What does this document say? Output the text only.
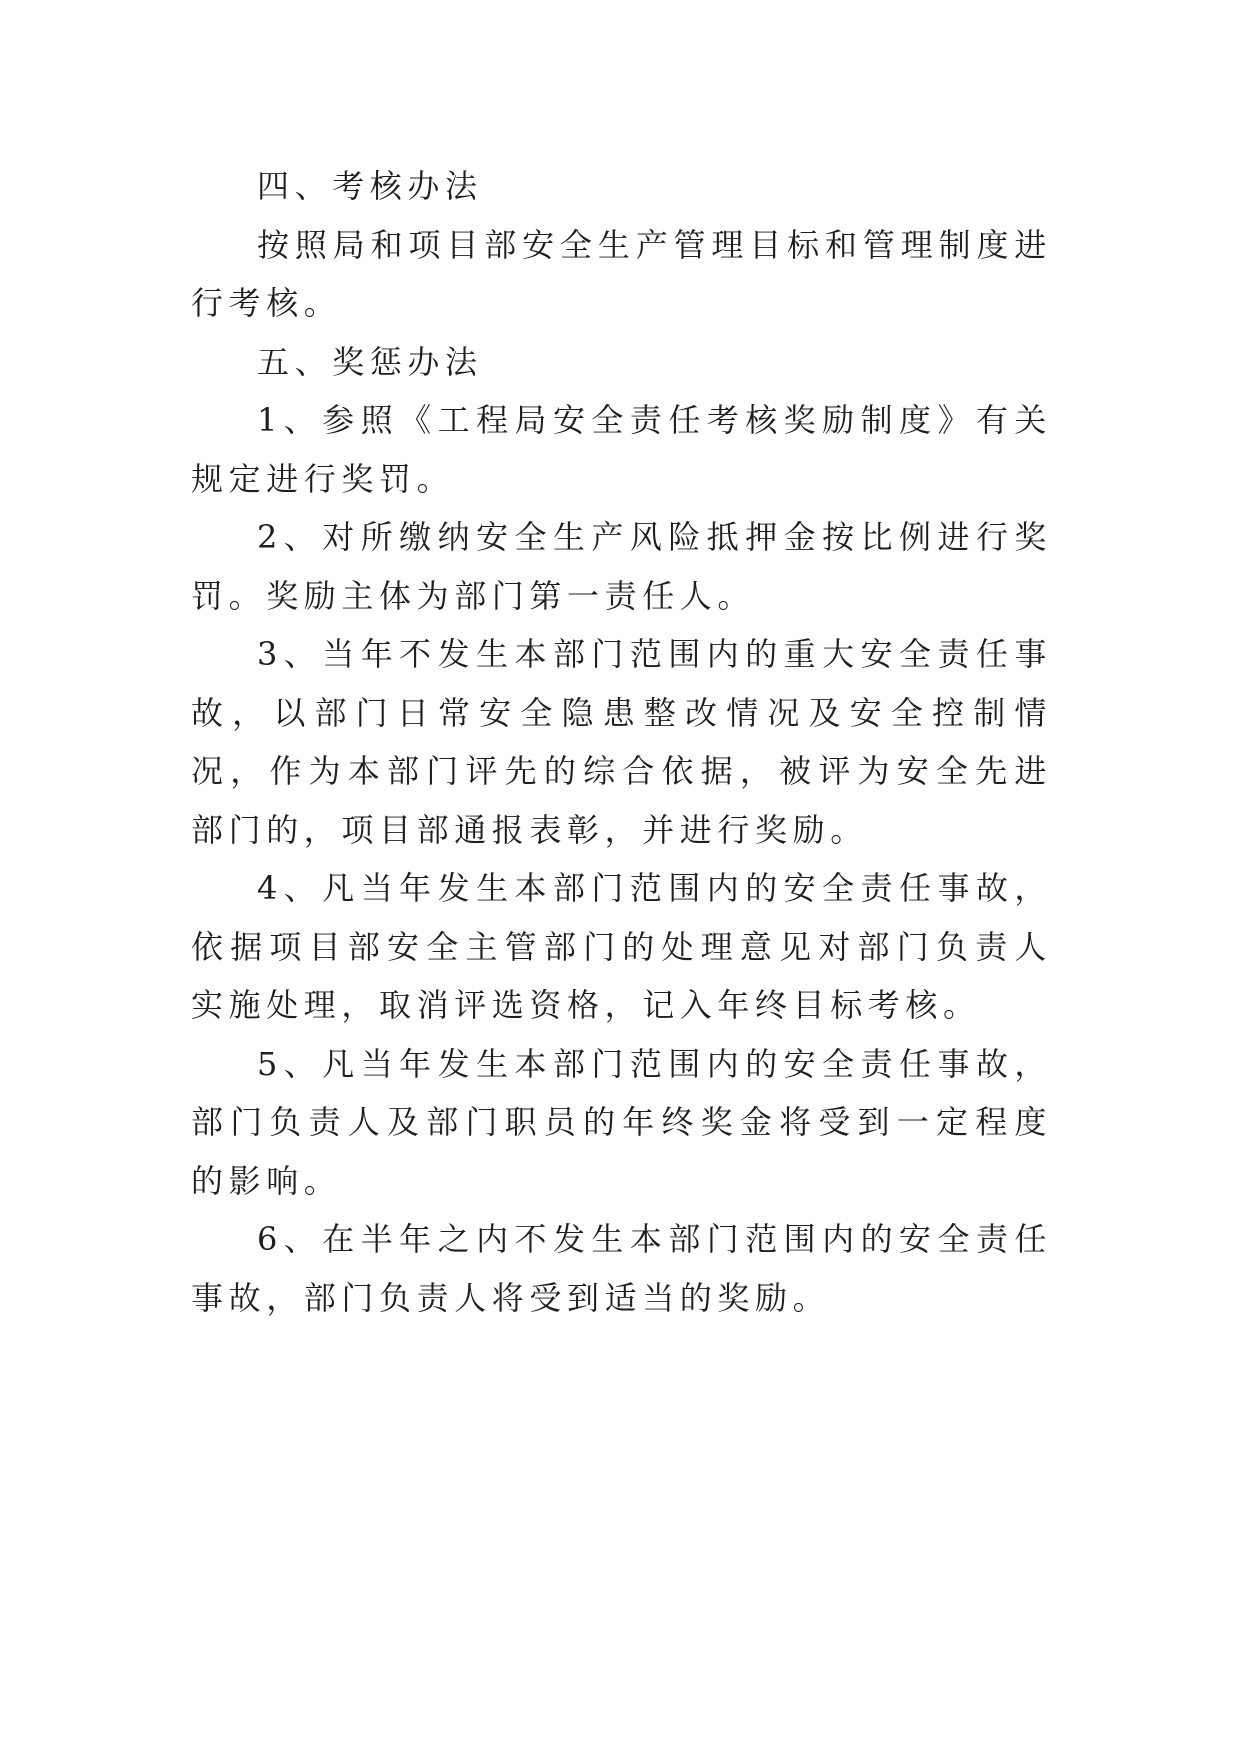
四、考核办法

按照局和项目部安全生产管理目标和管理制度进行考核。

五、奖惩办法

1、参照《工程局安全责任考核奖励制度》有关规定进行奖罚。

2、对所缴纳安全生产风险抵押金按比例进行奖罚。奖励主体为部门第一责任人。

3、当年不发生本部门范围内的重大安全责任事故，以部门日常安全隐患整改情况及安全控制情况，作为本部门评先的综合依据，被评为安全先进部门的，项目部通报表彰，并进行奖励。

4、凡当年发生本部门范围内的安全责任事故，依据项目部安全主管部门的处理意见对部门负责人实施处理，取消评选资格，记入年终目标考核。

5、凡当年发生本部门范围内的安全责任事故，部门负责人及部门职员的年终奖金将受到一定程度的影响。

6、在半年之内不发生本部门范围内的安全责任事故，部门负责人将受到适当的奖励。
